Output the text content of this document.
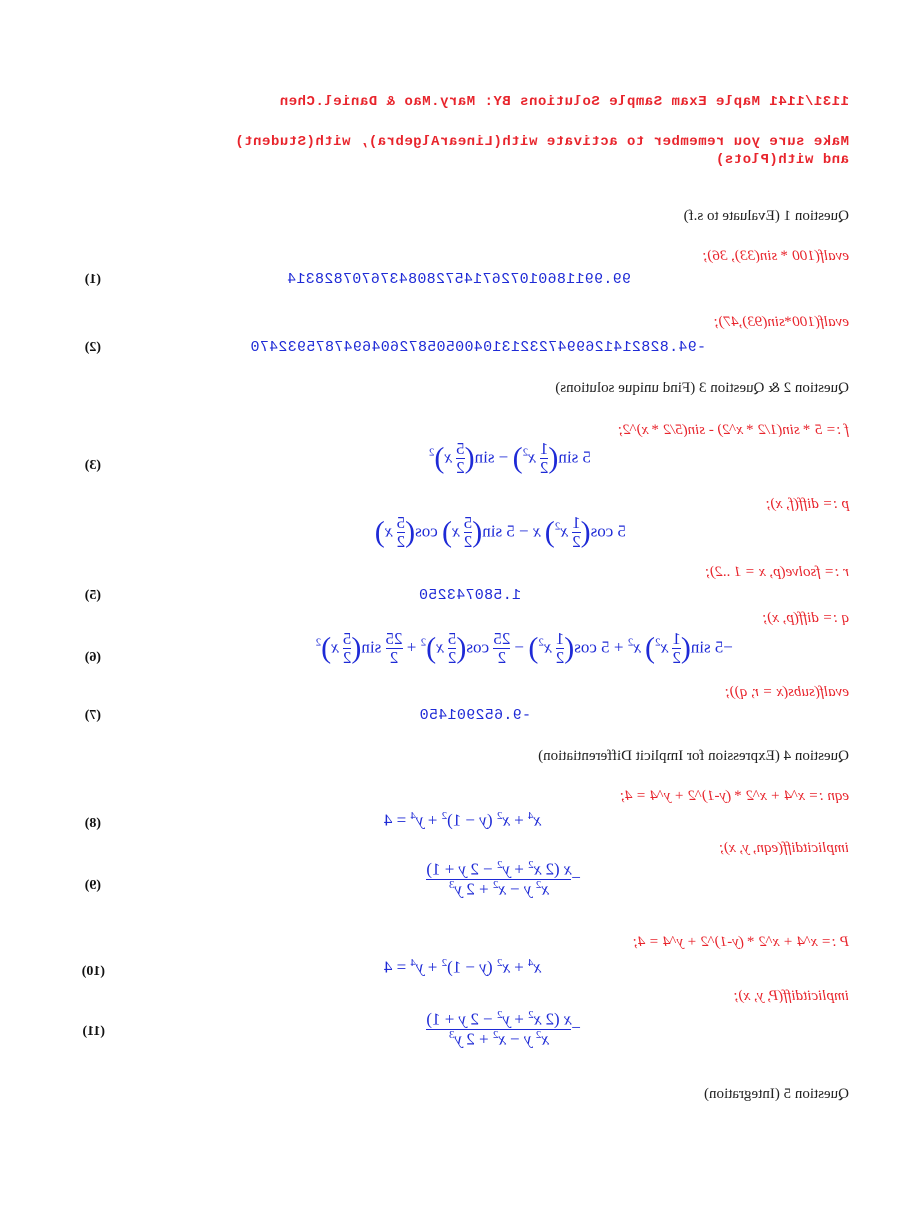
1131/1141 Maple Exam Sample Solutions BY: Mary.Mao & Daniel.Chen
Make sure you remember to activate with(LinearAlgebra), with(Student)
and with(Plots)
Question 1 (Evaluate to s.f)
evalf(100 * sin(33), 36);
99.9911860107267145728084376707828314
(1)
evalf(100*sin(93),47);
-94.828214126994723213104005058726046947875932470
(2)
Question 2 & Question 3 (Find unique solutions)
f := 5 * sin(1/2 * x^2) - sin(5/2 * x)^2;
5 sin(
$\frac{1}{2}$
$x^2) - \sin$(
$\frac{5}{2}$
x)$^2$
(3)
p := diff(f, x);
5 cos(
$\frac{1}{2}$
$x^2$) x − 5 sin(
$\frac{5}{2}$
x) cos(
$\frac{5}{2}$
x)
r := fsolve(p, x = 1 ..2);
1.580743250
(5)
q := diff(p, x);
−5 sin(
$\frac{1}{2}$
$x^2$) $x^2 + 5$ cos(
$\frac{1}{2}$
$x^2$) −
$\frac{25}{2}$
cos(
$\frac{5}{2}$
x)$^2$ +
$\frac{25}{2}$
sin(
$\frac{5}{2}$
x)$^2$
(6)
evalf(subs(x = r, q));
-9.652901450
(7)
Question 4 (Expression for Implicit Differentiation)
eqn := x^4 + x^2 * (y-1)^2 + y^4 = 4;
$x^4 + x^2$ $(y - 1)^2 + y^4 = 4$
(8)
implicitdiff(eqn, y, x);
−
$\frac{x (2 x^2 + y^2 - 2 y + 1)}{x^2 y - x^2 + 2 y^3}$
(9)
P := x^4 + x^2 * (y-1)^2 + y^4 = 4;
$x^4 + x^2$ $(y - 1)^2 + y^4 = 4$
(10)
implicitdiff(P, y, x);
−
$\frac{x (2 x^2 + y^2 - 2 y + 1)}{x^2 y - x^2 + 2 y^3}$
(11)
Question 5 (Integration)
